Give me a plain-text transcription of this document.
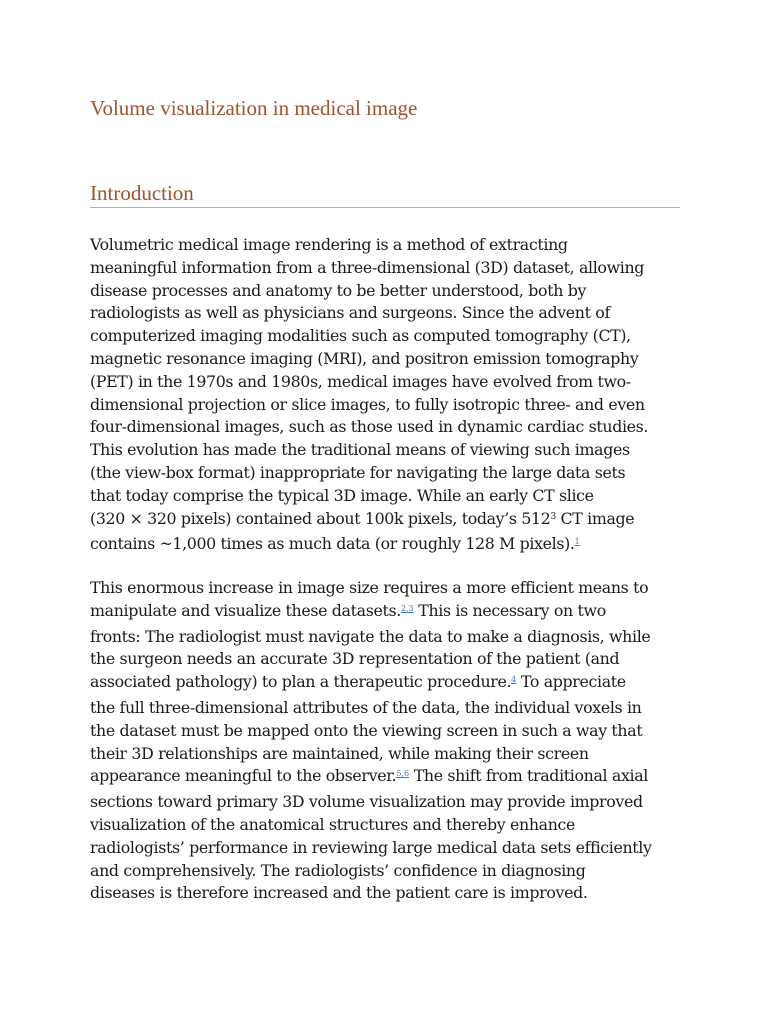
Volume visualization in medical image
Introduction

Volumetric medical image rendering is a method of extracting
meaningful information from a three-dimensional (3D) dataset, allowing
disease processes and anatomy to be better understood, both by
radiologists as well as physicians and surgeons. Since the advent of
computerized imaging modalities such as computed tomography (CT),
magnetic resonance imaging (MRI), and positron emission tomography
(PET) in the 1970s and 1980s, medical images have evolved from two-
dimensional projection or slice images, to fully isotropic three- and even
four-dimensional images, such as those used in dynamic cardiac studies.
This evolution has made the traditional means of viewing such images
(the view-box format) inappropriate for navigating the large data sets
that today comprise the typical 3D image. While an early CT slice
(320 × 320 pixels) contained about 100k pixels, today’s $512^3$ CT image
contains ~1,000 times as much data (or roughly 128 M pixels).$^1$

This enormous increase in image size requires a more efficient means to
manipulate and visualize these datasets.$^{2,3}$ This is necessary on two
fronts: The radiologist must navigate the data to make a diagnosis, while
the surgeon needs an accurate 3D representation of the patient (and
associated pathology) to plan a therapeutic procedure.$^4$ To appreciate
the full three-dimensional attributes of the data, the individual voxels in
the dataset must be mapped onto the viewing screen in such a way that
their 3D relationships are maintained, while making their screen
appearance meaningful to the observer.$^{5,6}$ The shift from traditional axial
sections toward primary 3D volume visualization may provide improved
visualization of the anatomical structures and thereby enhance
radiologists’ performance in reviewing large medical data sets efficiently
and comprehensively. The radiologists’ confidence in diagnosing
diseases is therefore increased and the patient care is improved.
